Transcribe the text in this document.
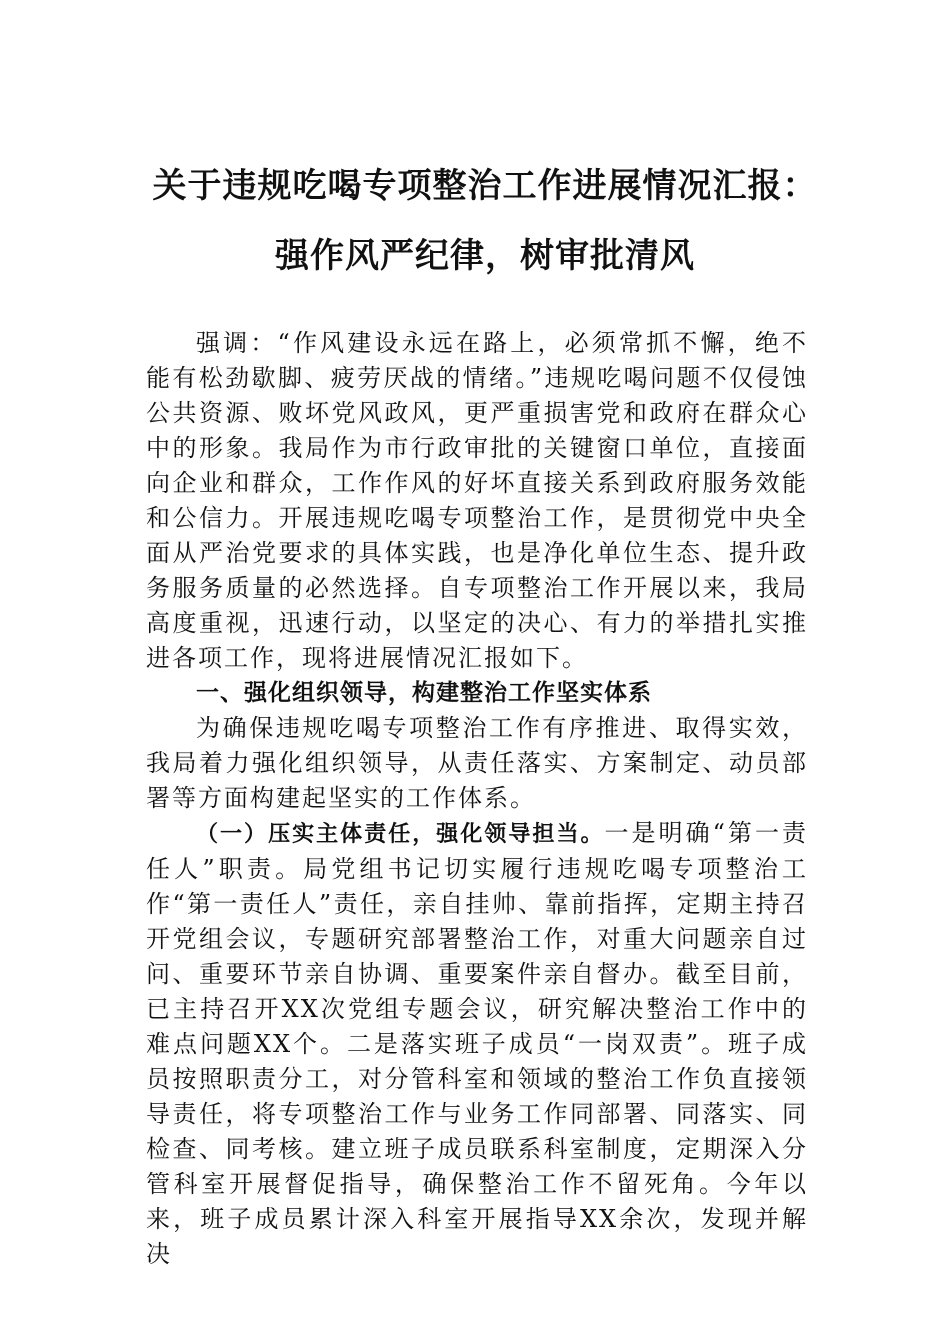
关于违规吃喝专项整治工作进展情况汇报：
强作风严纪律，树审批清风

强调：“作风建设永远在路上，必须常抓不懈，绝不能有松劲歇脚、疲劳厌战的情绪。”违规吃喝问题不仅侵蚀公共资源、败坏党风政风，更严重损害党和政府在群众心中的形象。我局作为市行政审批的关键窗口单位，直接面向企业和群众，工作作风的好坏直接关系到政府服务效能和公信力。开展违规吃喝专项整治工作，是贯彻党中央全面从严治党要求的具体实践，也是净化单位生态、提升政务服务质量的必然选择。自专项整治工作开展以来，我局高度重视，迅速行动，以坚定的决心、有力的举措扎实推进各项工作，现将进展情况汇报如下。

一、强化组织领导，构建整治工作坚实体系

为确保违规吃喝专项整治工作有序推进、取得实效，我局着力强化组织领导，从责任落实、方案制定、动员部署等方面构建起坚实的工作体系。

（一）压实主体责任，强化领导担当。一是明确“第一责任人”职责。局党组书记切实履行违规吃喝专项整治工作“第一责任人”责任，亲自挂帅、靠前指挥，定期主持召开党组会议，专题研究部署整治工作，对重大问题亲自过问、重要环节亲自协调、重要案件亲自督办。截至目前，已主持召开XX次党组专题会议，研究解决整治工作中的难点问题XX个。二是落实班子成员“一岗双责”。班子成员按照职责分工，对分管科室和领域的整治工作负直接领导责任，将专项整治工作与业务工作同部署、同落实、同检查、同考核。建立班子成员联系科室制度，定期深入分管科室开展督促指导，确保整治工作不留死角。今年以来，班子成员累计深入科室开展指导XX余次，发现并解决
